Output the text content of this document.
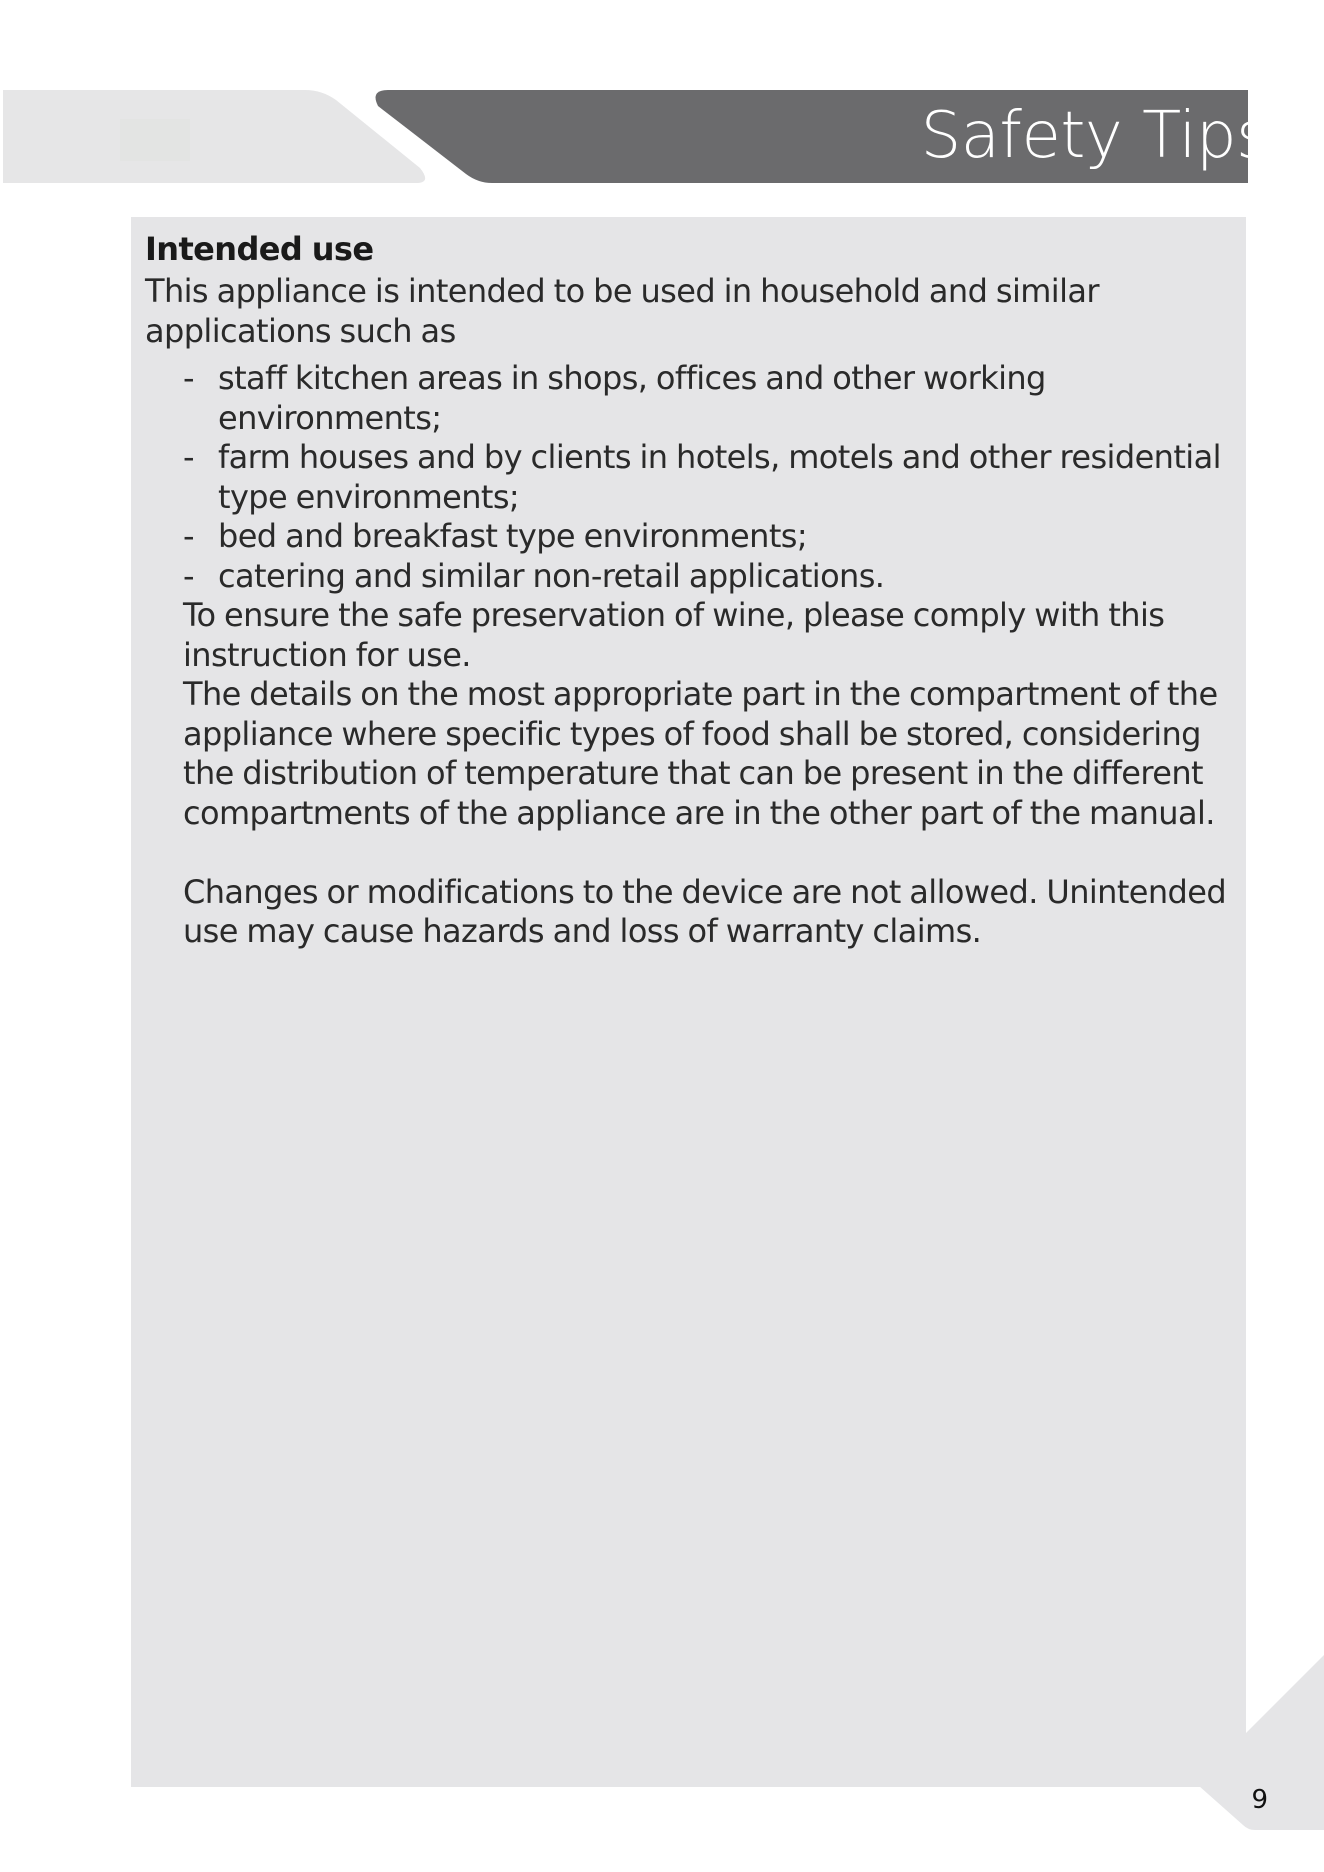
Safety Tips
Intended use

This appliance is intended to be used in household and similar applications such as

- staff kitchen areas in shops, offices and other working environments;
- farm houses and by clients in hotels, motels and other residential type environments;
- bed and breakfast type environments;
- catering and similar non-retail applications.

To ensure the safe preservation of wine, please comply with this instruction for use.

The details on the most appropriate part in the compartment of the appliance where specific types of food shall be stored, considering the distribution of temperature that can be present in the different compartments of the appliance are in the other part of the manual.

Changes or modifications to the device are not allowed. Unintended use may cause hazards and loss of warranty claims.

9
